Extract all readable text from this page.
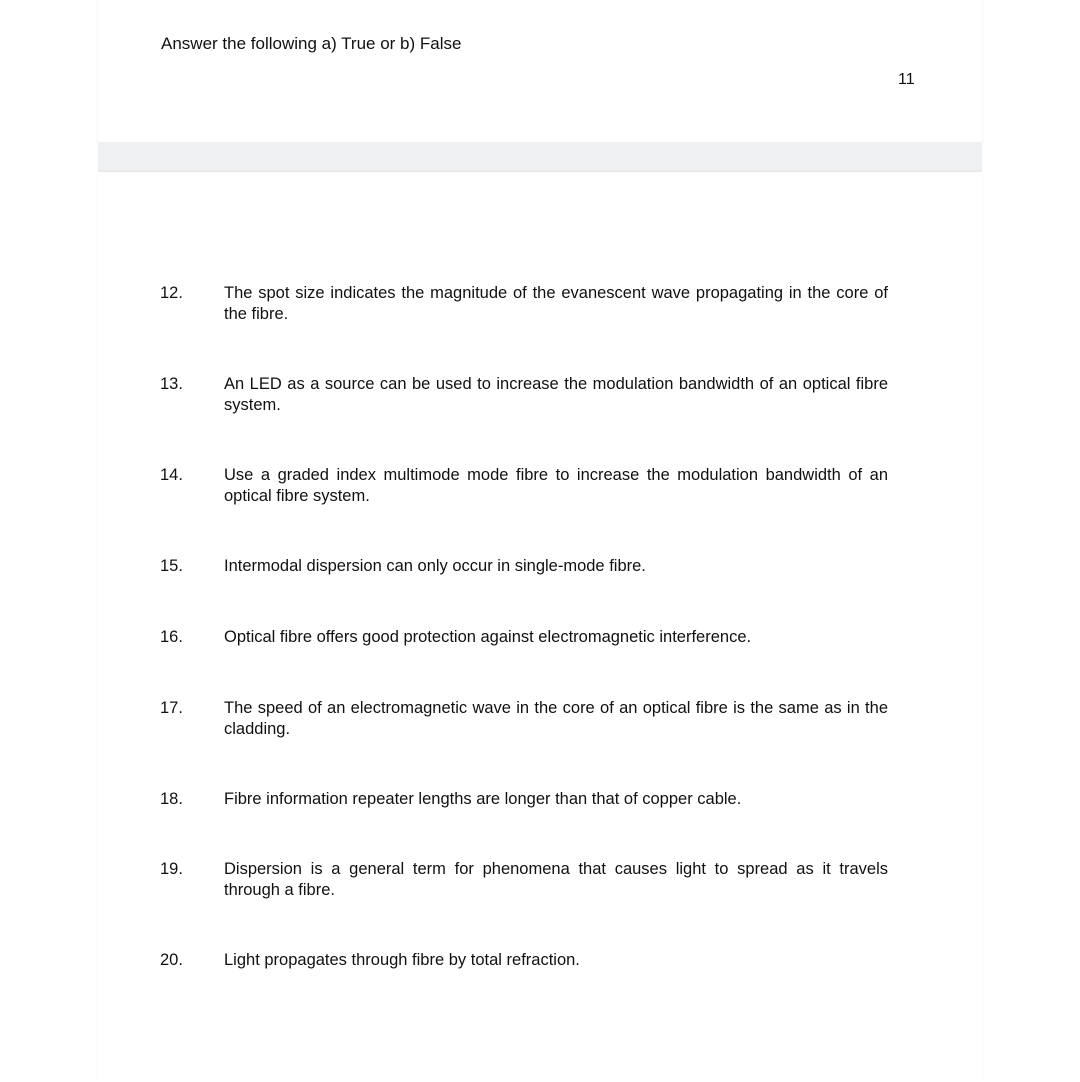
Answer the following a) True or b) False
11
12. The spot size indicates the magnitude of the evanescent wave propagating in the core of the fibre.
13. An LED as a source can be used to increase the modulation bandwidth of an optical fibre system.
14. Use a graded index multimode mode fibre to increase the modulation bandwidth of an optical fibre system.
15. Intermodal dispersion can only occur in single-mode fibre.
16. Optical fibre offers good protection against electromagnetic interference.
17. The speed of an electromagnetic wave in the core of an optical fibre is the same as in the cladding.
18. Fibre information repeater lengths are longer than that of copper cable.
19. Dispersion is a general term for phenomena that causes light to spread as it travels through a fibre.
20. Light propagates through fibre by total refraction.
